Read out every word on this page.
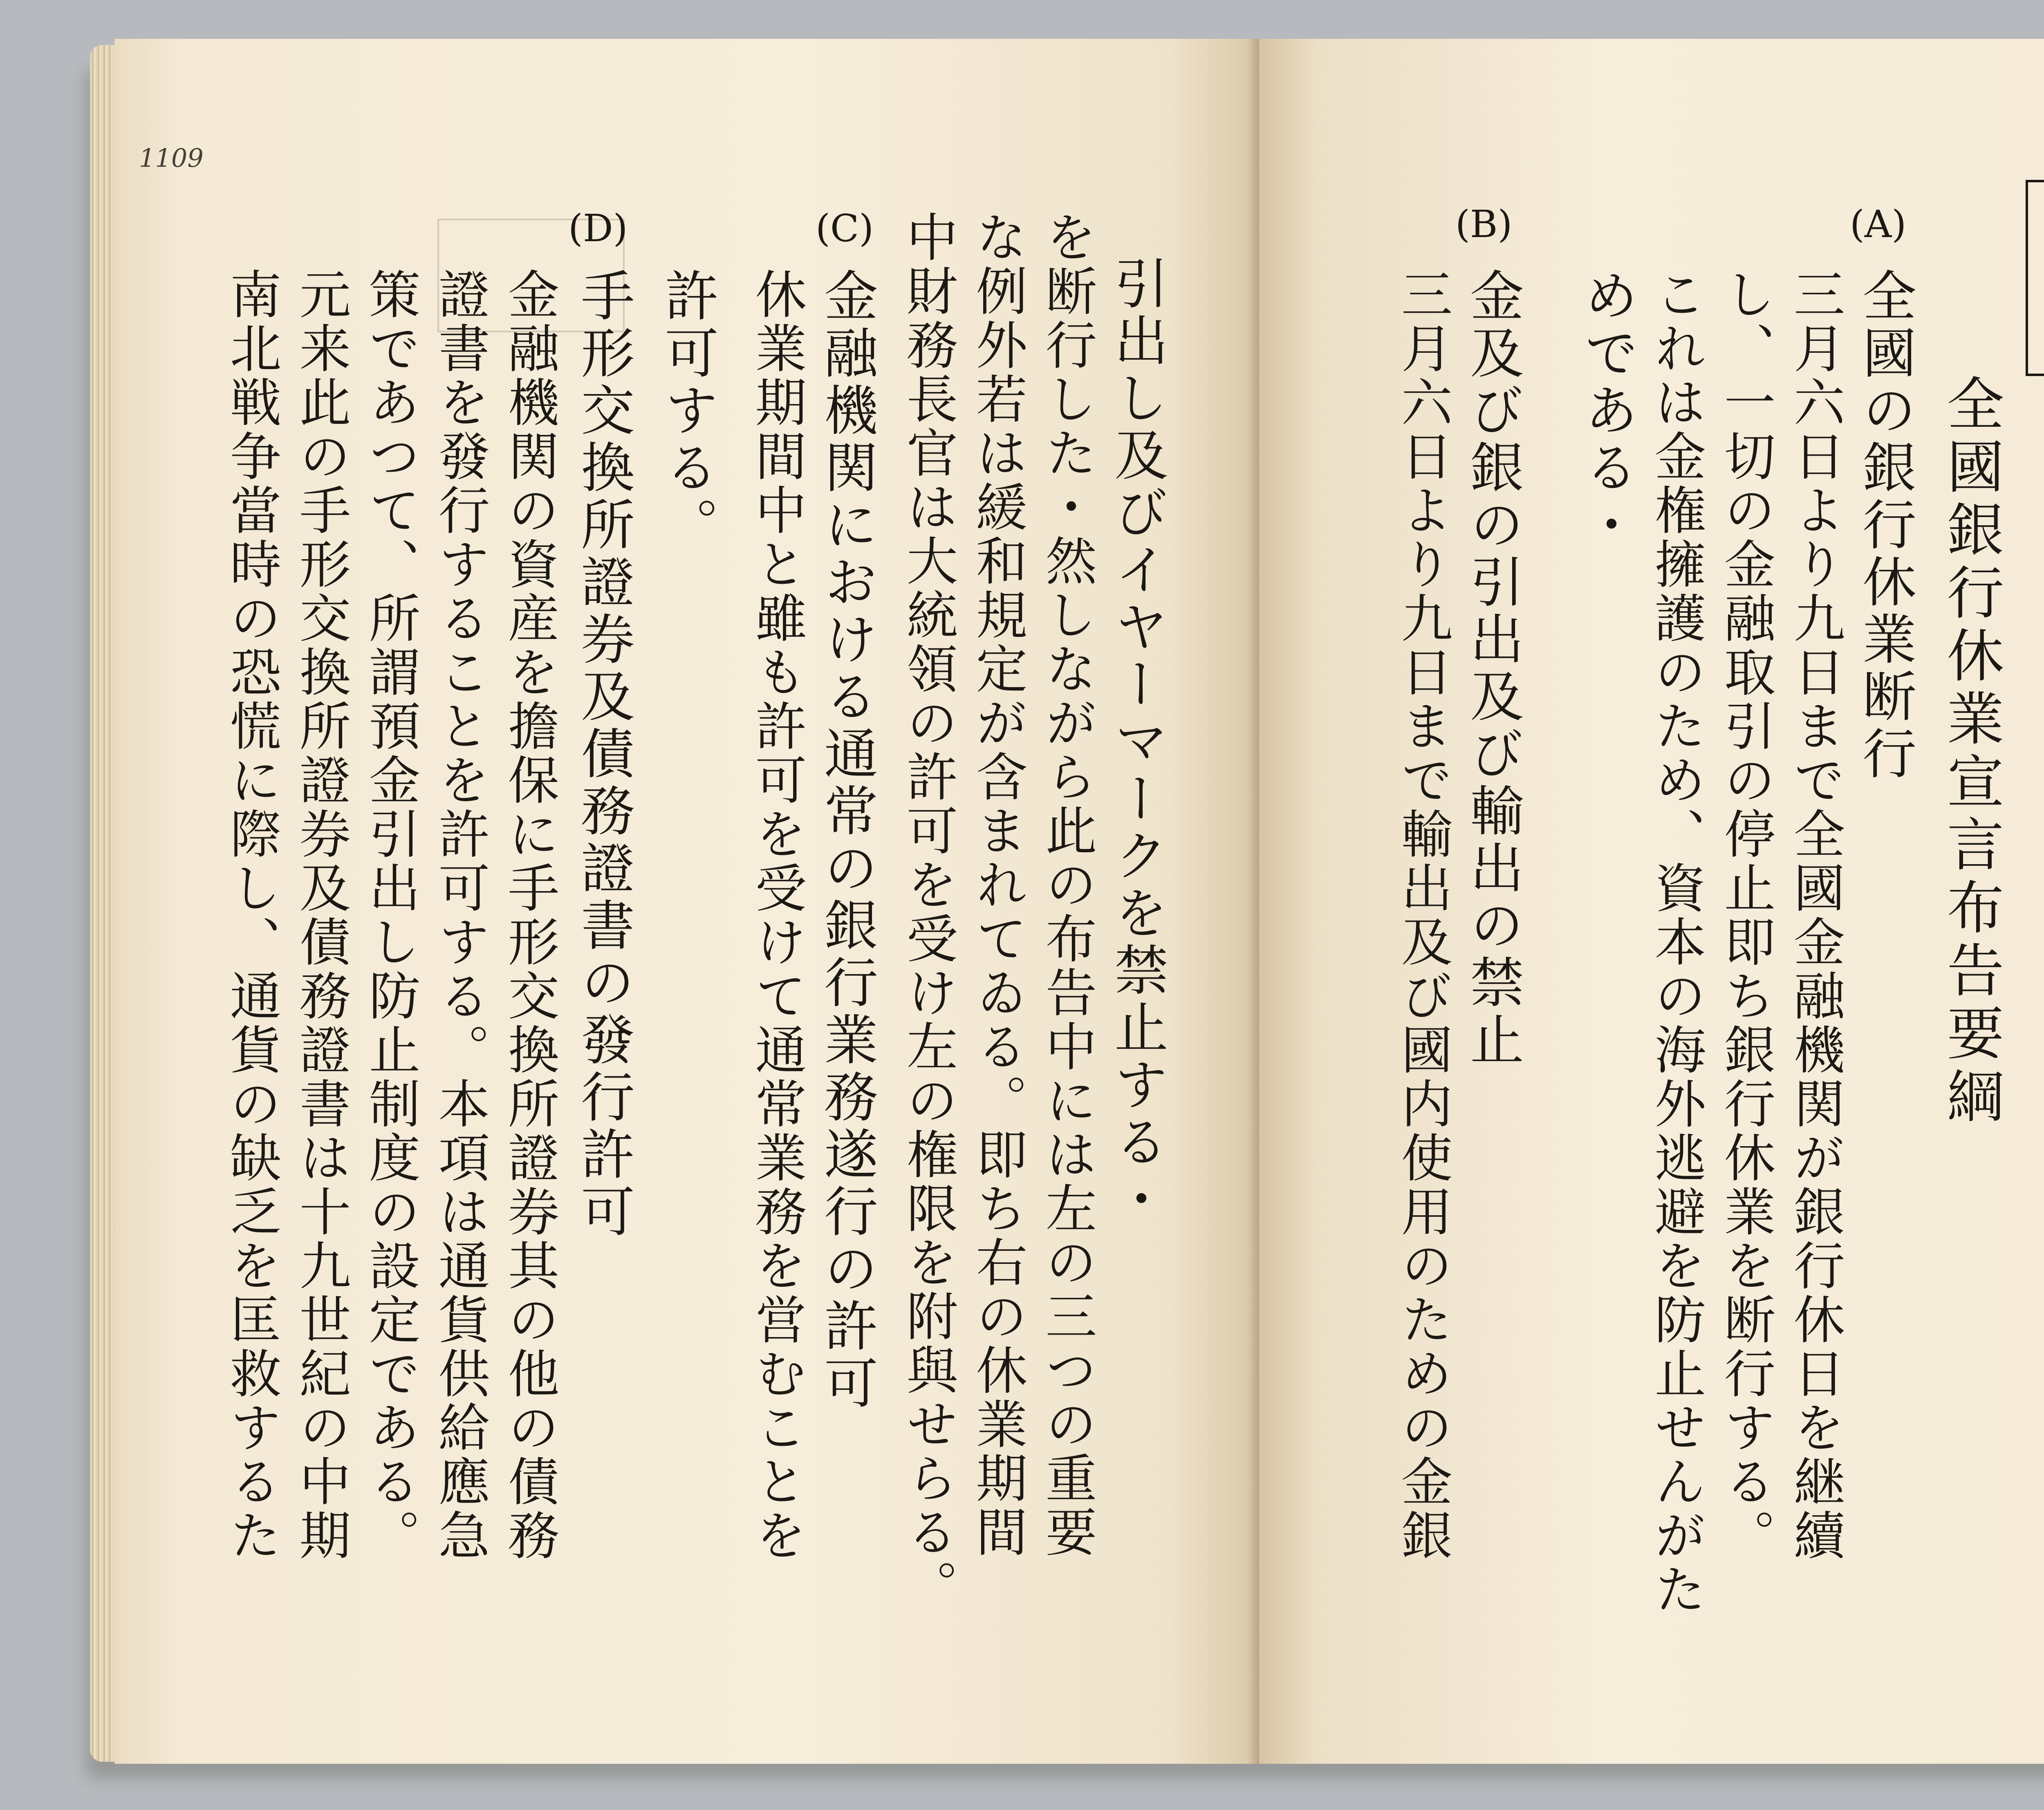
1109
引出し及びイヤーマークを禁止する・
を断行した・然しながら此の布告中には左の三つの重要
な例外若は緩和規定が含まれてゐる。即ち右の休業期間
中財務長官は大統領の許可を受け左の権限を附與せらる。
(C)
金融機関における通常の銀行業務遂行の許可
休業期間中と雖も許可を受けて通常業務を営むことを
許可する。
(D)
手形交換所證券及債務證書の發行許可
金融機関の資産を擔保に手形交換所證券其の他の債務
證書を發行することを許可する。本項は通貨供給應急
策であつて、所謂預金引出し防止制度の設定である。
元来此の手形交換所證券及債務證書は十九世紀の中期
南北戦争當時の恐慌に際し、通貨の缺乏を匡救するた	全國銀行休業宣言布告要綱
(A)
全國の銀行休業断行
三月六日より九日まで全國金融機関が銀行休日を継續
し、一切の金融取引の停止即ち銀行休業を断行する。
これは金権擁護のため、資本の海外逃避を防止せんがた
めである・
(B)
金及び銀の引出及び輸出の禁止
三月六日より九日まで輸出及び國内使用のための金銀
